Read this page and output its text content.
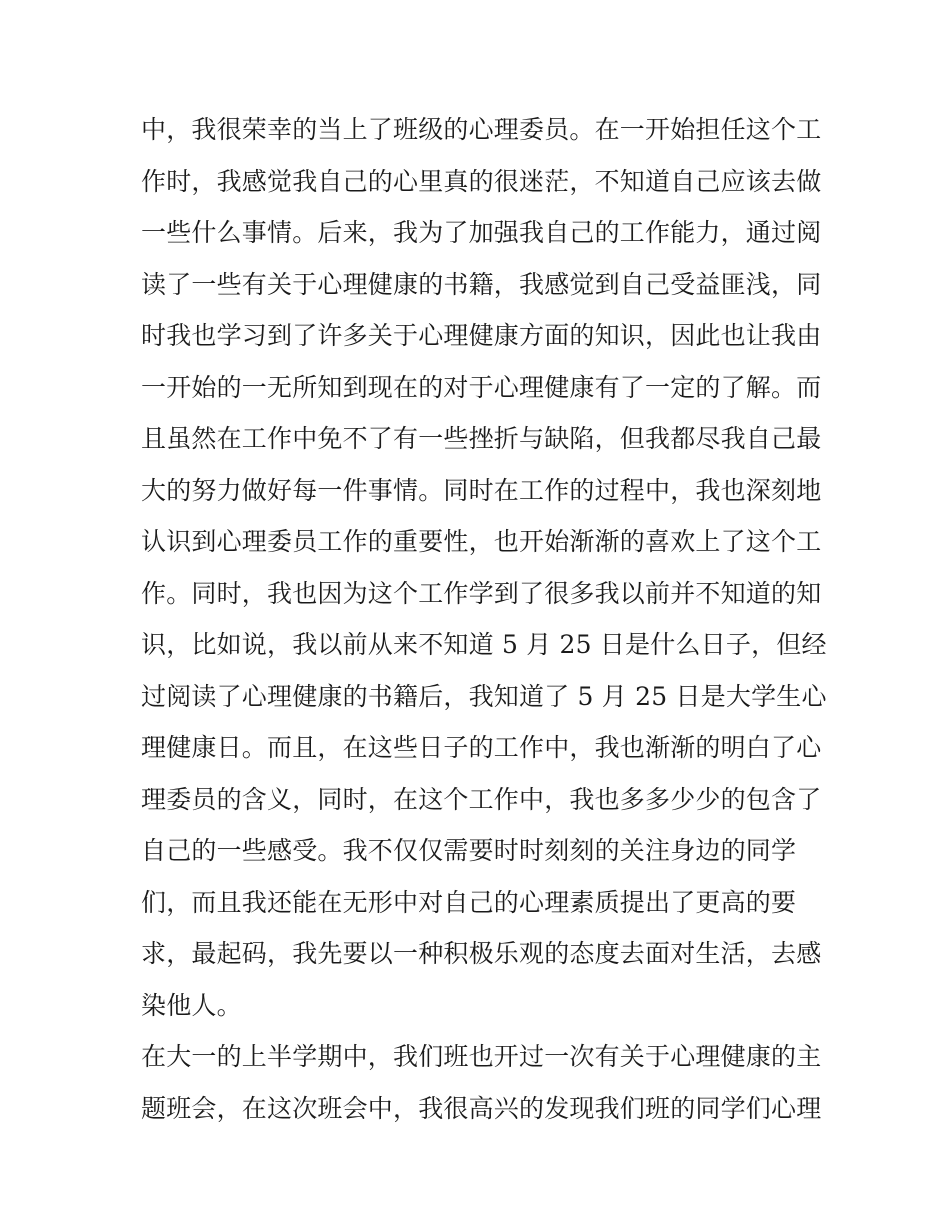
中，我很荣幸的当上了班级的心理委员。在一开始担任这个工
作时，我感觉我自己的心里真的很迷茫，不知道自己应该去做
一些什么事情。后来，我为了加强我自己的工作能力，通过阅
读了一些有关于心理健康的书籍，我感觉到自己受益匪浅，同
时我也学习到了许多关于心理健康方面的知识，因此也让我由
一开始的一无所知到现在的对于心理健康有了一定的了解。而
且虽然在工作中免不了有一些挫折与缺陷，但我都尽我自己最
大的努力做好每一件事情。同时在工作的过程中，我也深刻地
认识到心理委员工作的重要性，也开始渐渐的喜欢上了这个工
作。同时，我也因为这个工作学到了很多我以前并不知道的知
识，比如说，我以前从来不知道 5 月 25 日是什么日子，但经
过阅读了心理健康的书籍后，我知道了 5 月 25 日是大学生心
理健康日。而且，在这些日子的工作中，我也渐渐的明白了心
理委员的含义，同时，在这个工作中，我也多多少少的包含了
自己的一些感受。我不仅仅需要时时刻刻的关注身边的同学
们，而且我还能在无形中对自己的心理素质提出了更高的要
求，最起码，我先要以一种积极乐观的态度去面对生活，去感
染他人。
在大一的上半学期中，我们班也开过一次有关于心理健康的主
题班会，在这次班会中，我很高兴的发现我们班的同学们心理
